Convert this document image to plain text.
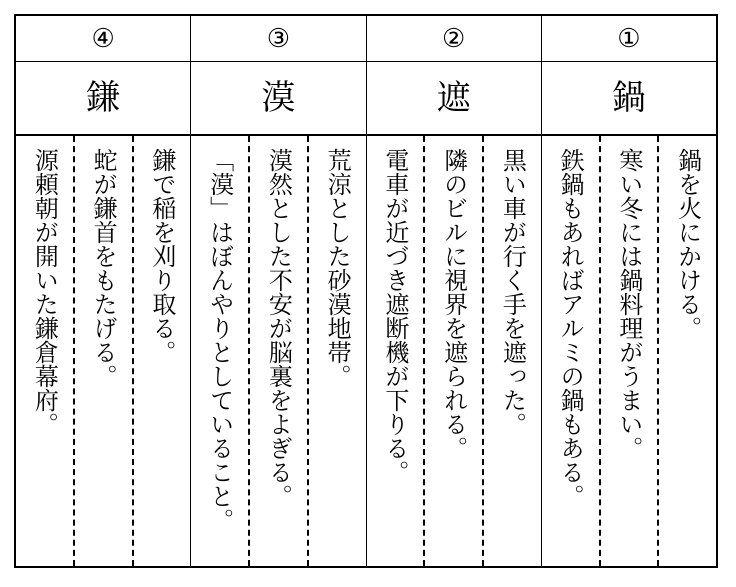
④
鎌
鎌で稲を刈り取る。
蛇が鎌首をもたげる。
源頼朝が開いた鎌倉幕府。
③
漠
荒涼とした砂漠地帯。
漠然とした不安が脳裏をよぎる。
「漠」はぼんやりとしていること。
②
遮
黒い車が行く手を遮った。
隣のビルに視界を遮られる。
電車が近づき遮断機が下りる。
①
鍋
鍋を火にかける。
寒い冬には鍋料理がうまい。
鉄鍋もあればアルミの鍋もある。
